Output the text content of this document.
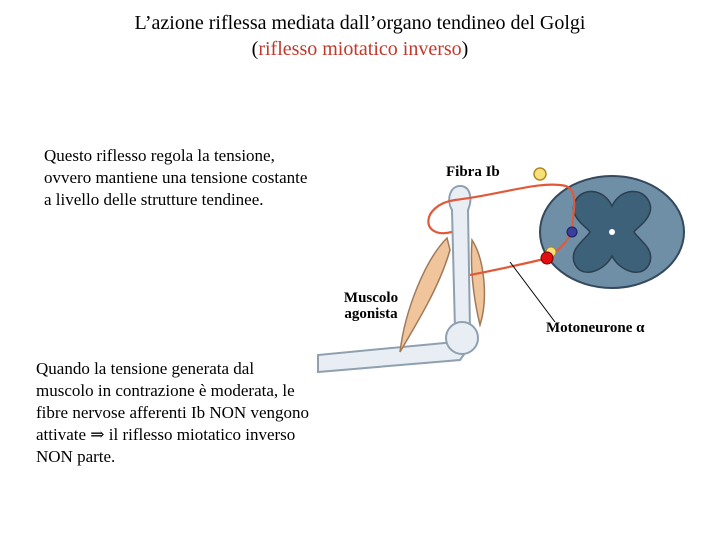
L’azione riflessa mediata dall’organo tendineo del Golgi
(riflesso miotatico inverso)
Questo riflesso regola la tensione, ovvero mantiene una tensione costante a livello delle strutture tendinee.
Quando la tensione generata dal muscolo in contrazione è moderata, le fibre nervose afferenti Ib NON vengono attivate ⇒ il riflesso miotatico inverso NON parte.
Fibra Ib
Muscolo
agonista
Motoneurone α
